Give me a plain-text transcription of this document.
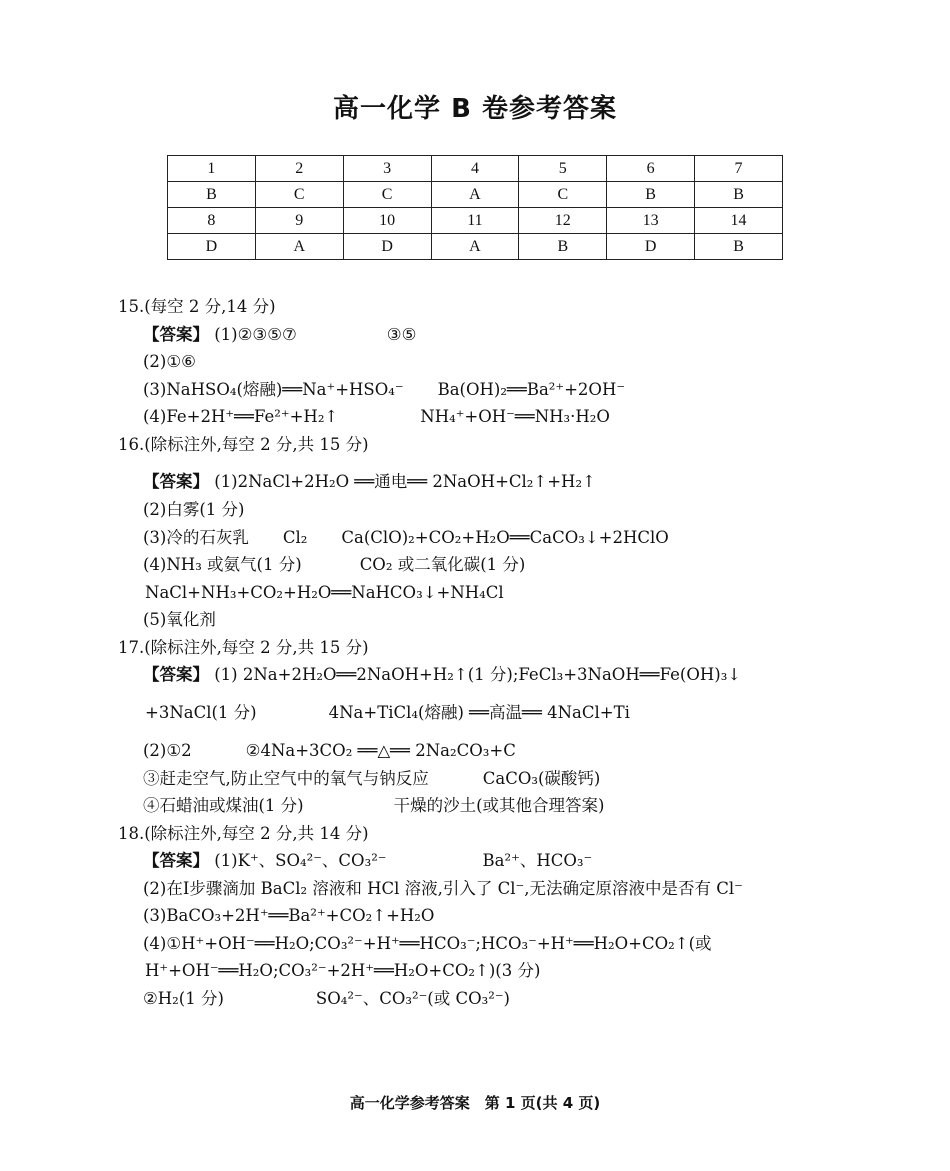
高一化学 B 卷参考答案
1	2	3	4	5	6	7
B	C	C	A	C	B	B
8	9	10	11	12	13	14
D	A	D	A	B	D	B
15.(每空 2 分,14 分)
【答案】 (1)②③⑤⑦	③⑤
(2)①⑥
(3)NaHSO₄(熔融)══Na⁺+HSO₄⁻ Ba(OH)₂══Ba²⁺+2OH⁻
(4)Fe+2H⁺══Fe²⁺+H₂↑	NH₄⁺+OH⁻══NH₃·H₂O
16.(除标注外,每空 2 分,共 15 分)
【答案】 (1)2NaCl+2H₂O ══通电══ 2NaOH+Cl₂↑+H₂↑
(2)白雾(1 分)
(3)冷的石灰乳 Cl₂ Ca(ClO)₂+CO₂+H₂O══CaCO₃↓+2HClO
(4)NH₃ 或氨气(1 分)	CO₂ 或二氧化碳(1 分)
NaCl+NH₃+CO₂+H₂O══NaHCO₃↓+NH₄Cl
(5)氧化剂
17.(除标注外,每空 2 分,共 15 分)
【答案】 (1) 2Na+2H₂O══2NaOH+H₂↑(1 分);FeCl₃+3NaOH══Fe(OH)₃↓
+3NaCl(1 分)	4Na+TiCl₄(熔融) ══高温══ 4NaCl+Ti
(2)①2	②4Na+3CO₂ ══△══ 2Na₂CO₃+C
③赶走空气,防止空气中的氧气与钠反应	CaCO₃(碳酸钙)
④石蜡油或煤油(1 分)	干燥的沙土(或其他合理答案)
18.(除标注外,每空 2 分,共 14 分)
【答案】 (1)K⁺、SO₄²⁻、CO₃²⁻	Ba²⁺、HCO₃⁻
(2)在Ⅰ步骤滴加 BaCl₂ 溶液和 HCl 溶液,引入了 Cl⁻,无法确定原溶液中是否有 Cl⁻
(3)BaCO₃+2H⁺══Ba²⁺+CO₂↑+H₂O
(4)①H⁺+OH⁻══H₂O;CO₃²⁻+H⁺══HCO₃⁻;HCO₃⁻+H⁺══H₂O+CO₂↑(或
H⁺+OH⁻══H₂O;CO₃²⁻+2H⁺══H₂O+CO₂↑)(3 分)
②H₂(1 分)	SO₄²⁻、CO₃²⁻(或 CO₃²⁻)
高一化学参考答案　第 1 页(共 4 页)
